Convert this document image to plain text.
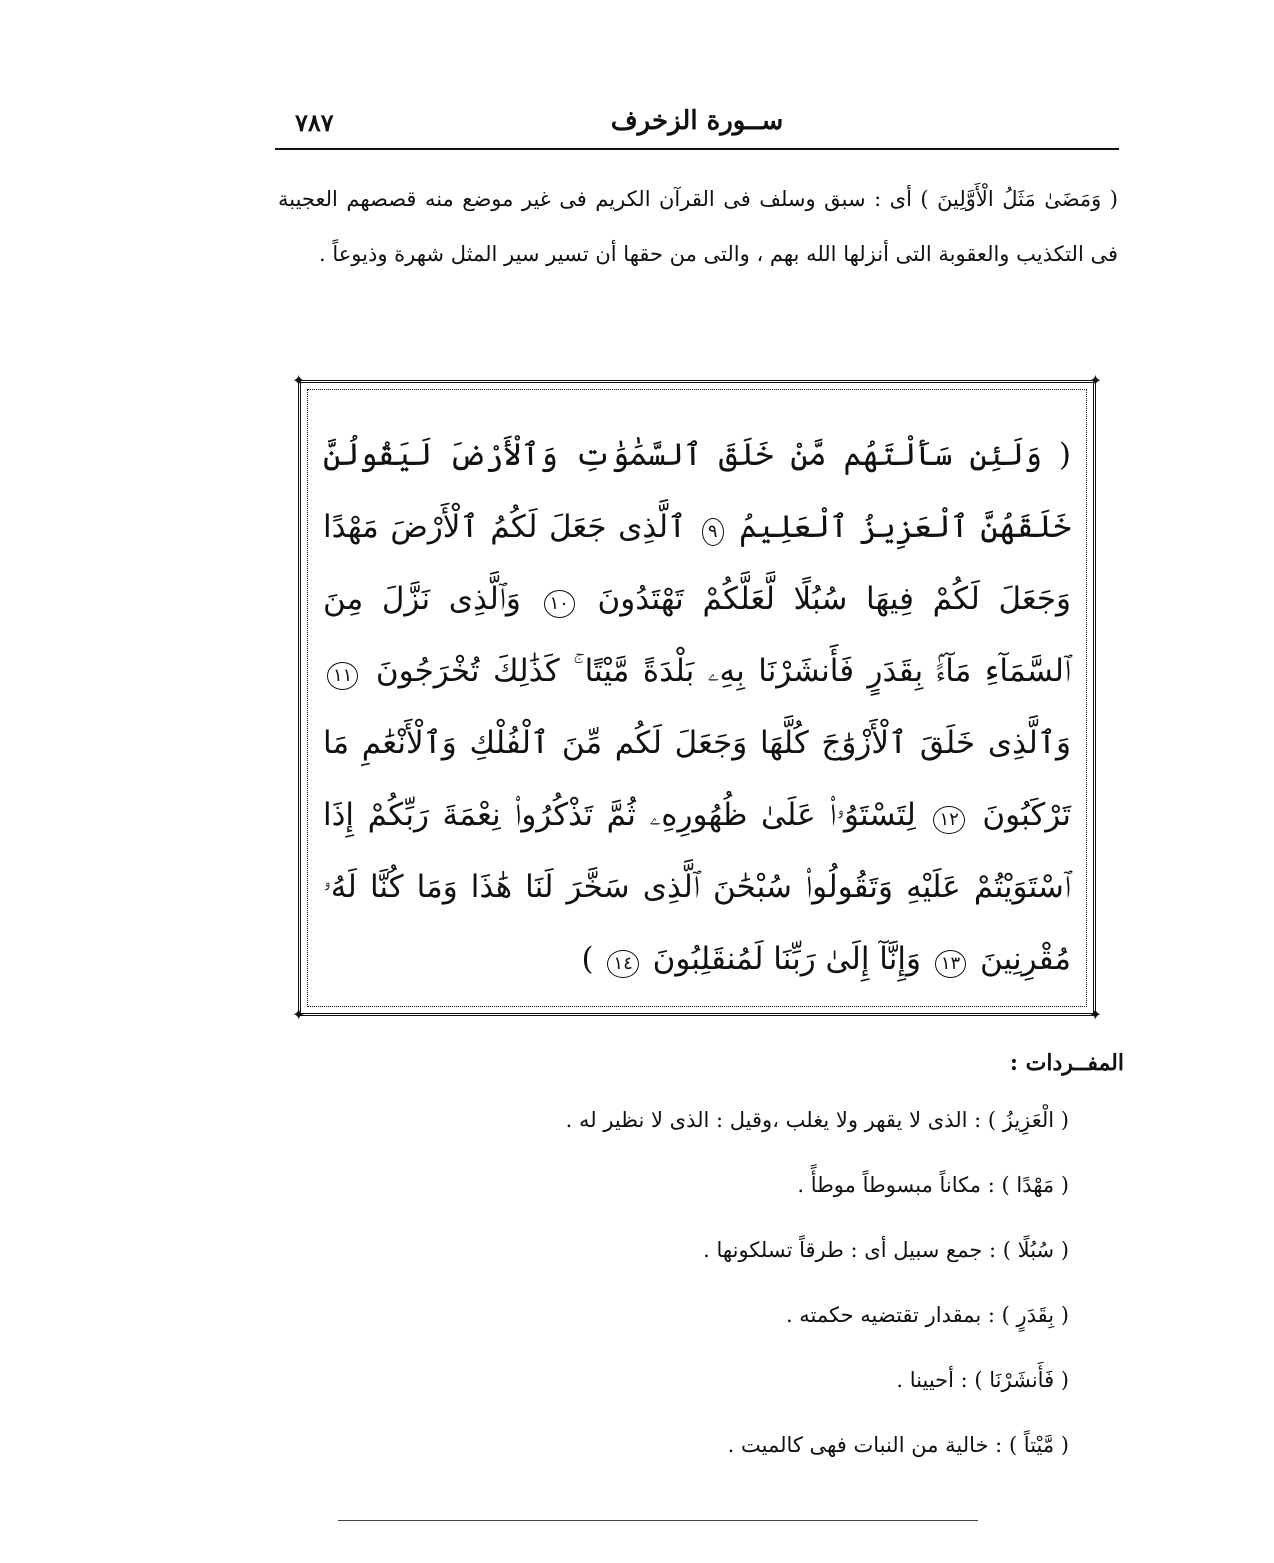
٧٨٧	ســورة الزخرف

( وَمَضَىٰ مَثَلُ الْأَوَّلِينَ ) أى : سبق وسلف فى القرآن الكريم فى غير موضع منه قصصهم العجيبة فى التكذيب والعقوبة التى أنزلها الله بهم ، والتى من حقها أن تسير سير المثل شهرة وذيوعاً .

✦	✦
✦	✦
( وَلَئِن سَأَلْتَهُم مَّنْ خَلَقَ ٱلسَّمَٰوَٰتِ وَٱلْأَرْضَ لَيَقُولُنَّ خَلَقَهُنَّ ٱلْعَزِيزُ ٱلْعَلِيمُ ٩ ٱلَّذِى جَعَلَ لَكُمُ ٱلْأَرْضَ مَهْدًا وَجَعَلَ لَكُمْ فِيهَا سُبُلًا لَّعَلَّكُمْ تَهْتَدُونَ ١٠ وَٱلَّذِى نَزَّلَ مِنَ ٱلسَّمَآءِ مَآءًۢ بِقَدَرٍ فَأَنشَرْنَا بِهِۦ بَلْدَةً مَّيْتًا ۚ كَذَٰلِكَ تُخْرَجُونَ ١١ وَٱلَّذِى خَلَقَ ٱلْأَزْوَٰجَ كُلَّهَا وَجَعَلَ لَكُم مِّنَ ٱلْفُلْكِ وَٱلْأَنْعَٰمِ مَا تَرْكَبُونَ ١٢ لِتَسْتَوُۥا۟ عَلَىٰ ظُهُورِهِۦ ثُمَّ تَذْكُرُوا۟ نِعْمَةَ رَبِّكُمْ إِذَا ٱسْتَوَيْتُمْ عَلَيْهِ وَتَقُولُوا۟ سُبْحَٰنَ ٱلَّذِى سَخَّرَ لَنَا هَٰذَا وَمَا كُنَّا لَهُۥ مُقْرِنِينَ ١٣ وَإِنَّآ إِلَىٰ رَبِّنَا لَمُنقَلِبُونَ ١٤ )
المفــردات :
( الْعَزِيزُ ) : الذى لا يقهر ولا يغلب ،وقيل : الذى لا نظير له .
( مَهْدًا ) : مكاناً مبسوطاً موطأً .
( سُبُلًا ) : جمع سبيل أى : طرقاً تسلكونها .
( بِقَدَرٍ ) : بمقدار تقتضيه حكمته .
( فَأَنشَرْنَا ) : أحيينا .
( مَّيْتاً ) : خالية من النبات فهى كالميت .
